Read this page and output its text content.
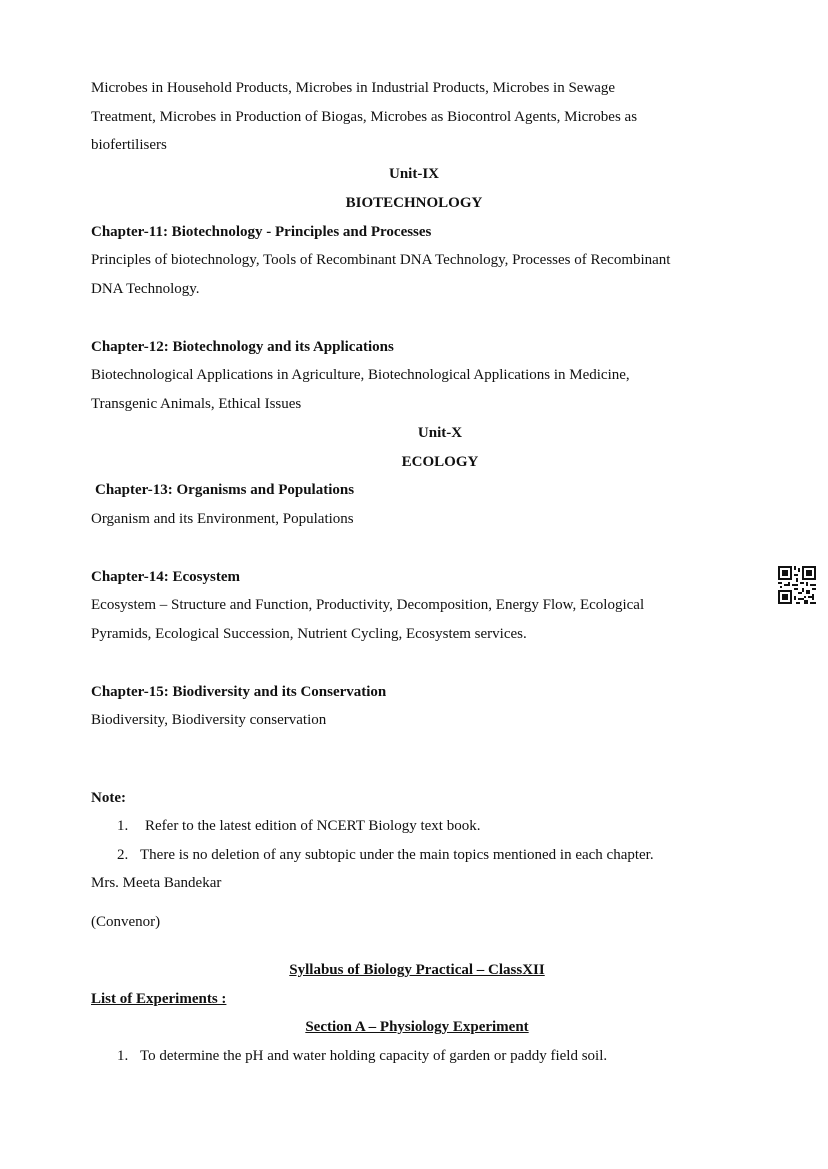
Microbes in Household Products, Microbes in Industrial Products, Microbes in Sewage
Treatment, Microbes in Production of Biogas, Microbes as Biocontrol Agents, Microbes as
biofertilisers
Unit-IX
BIOTECHNOLOGY
Chapter-11: Biotechnology - Principles and Processes
Principles of biotechnology, Tools of Recombinant DNA Technology, Processes of Recombinant
DNA Technology.
Chapter-12: Biotechnology and its Applications
Biotechnological Applications in Agriculture, Biotechnological Applications in Medicine,
Transgenic Animals, Ethical Issues
Unit-X
ECOLOGY
Chapter-13: Organisms and Populations
Organism and its Environment, Populations
Chapter-14: Ecosystem
Ecosystem – Structure and Function, Productivity, Decomposition, Energy Flow, Ecological
Pyramids, Ecological Succession, Nutrient Cycling, Ecosystem services.
Chapter-15: Biodiversity and its Conservation
Biodiversity, Biodiversity conservation
Note:
1. Refer to the latest edition of NCERT Biology text book.
2. There is no deletion of any subtopic under the main topics mentioned in each chapter.
Mrs. Meeta Bandekar
(Convenor)
Syllabus of Biology Practical – ClassXII
List of Experiments :
Section A – Physiology Experiment
1. To determine the pH and water holding capacity of garden or paddy field soil.
